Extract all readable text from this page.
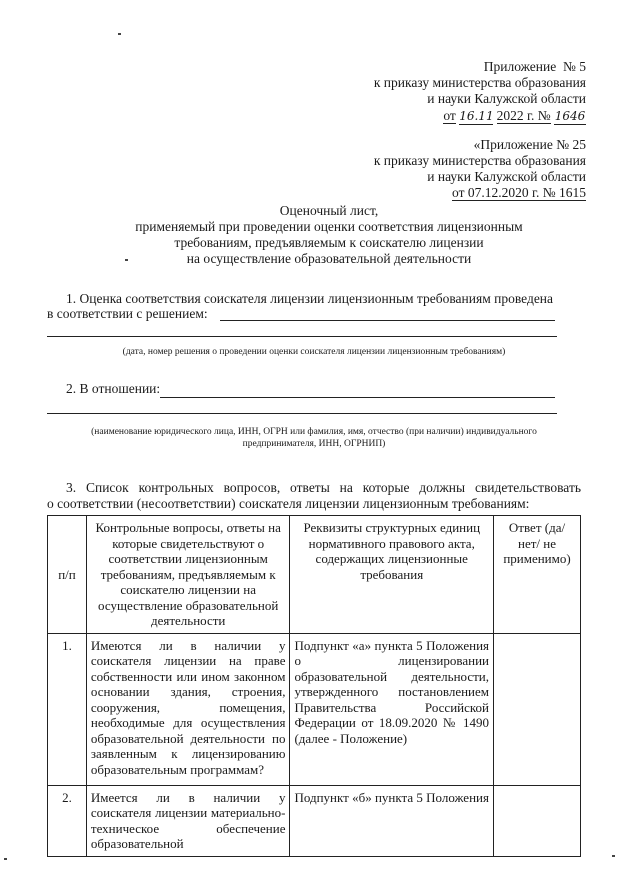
Приложение  № 5
к приказу министерства образования
и науки Калужской области
от 16.11 2022 г. № 1646
«Приложение № 25
к приказу министерства образования
и науки Калужской области
от 07.12.2020 г. № 1615
Оценочный лист,
применяемый при проведении оценки соответствия лицензионным
требованиям, предъявляемым к соискателю лицензии
на осуществление образовательной деятельности
1. Оценка соответствия соискателя лицензии лицензионным требованиям проведена
в соответствии с решением:
(дата, номер решения о проведении оценки соискателя лицензии лицензионным требованиям)
2. В отношении:
(наименование юридического лица, ИНН, ОГРН или фамилия, имя, отчество (при наличии) индивидуального
предпринимателя, ИНН, ОГРНИП)
3. Список контрольных вопросов, ответы на которые должны свидетельствовать
о соответствии (несоответствии) соискателя лицензии лицензионным требованиям:
п/п	Контрольные вопросы, ответы на которые свидетельствуют о соответствии лицензионным требованиям, предъявляемым к соискателю лицензии на осуществление образовательной деятельности	Реквизиты структурных единиц нормативного правового акта, содержащих лицензионные требования	Ответ (да/нет/ не применимо)
1.	Имеются ли в наличии у соискателя лицензии на праве собственности или ином законном основании здания, строения, сооружения, помещения, необходимые для осуществления образовательной деятельности по заявленным к лицензированию образовательным программам?	Подпункт «а» пункта 5 Положения о лицензировании образовательной деятельности, утвержденного постановлением Правительства Российской Федерации от 18.09.2020 № 1490 (далее - Положение)	
2.	Имеется ли в наличии у соискателя лицензии материально-техническое обеспечение образовательной	Подпункт «б» пункта 5 Положения	
